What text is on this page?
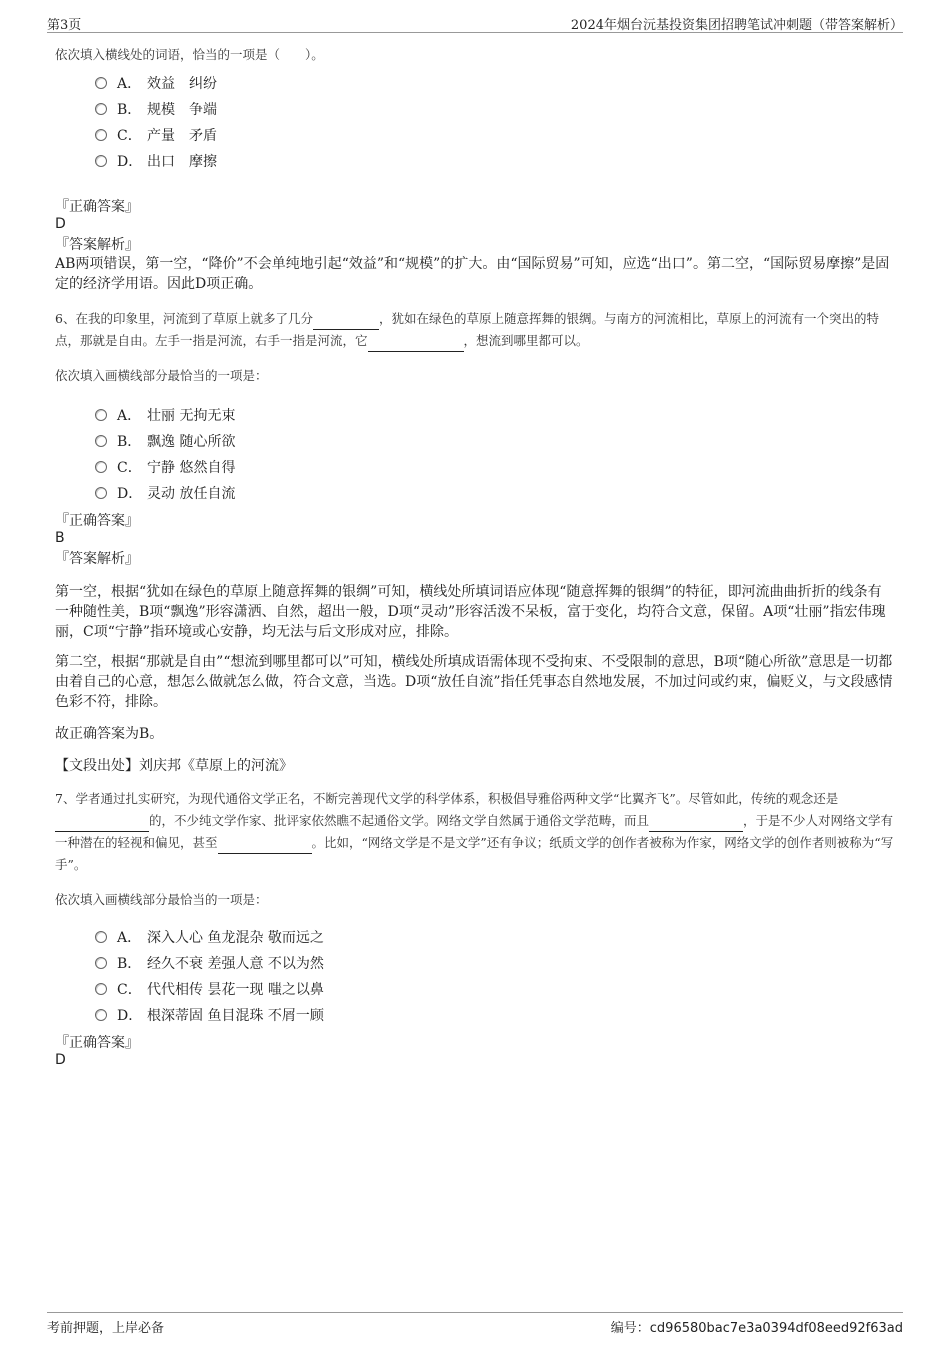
第3页	2024年烟台沅基投资集团招聘笔试冲刺题（带答案解析）
依次填入横线处的词语，恰当的一项是（　　）。
A． 效益　纠纷
B． 规模　争端
C． 产量　矛盾
D． 出口　摩擦
『正确答案』
D
『答案解析』
AB两项错误，第一空，“降价”不会单纯地引起“效益”和“规模”的扩大。由“国际贸易”可知，应选“出口”。第二空，“国际贸易摩擦”是固定的经济学用语。因此D项正确。
6、在我的印象里，河流到了草原上就多了几分	，犹如在绿色的草原上随意挥舞的银绸。与南方的河流相比，草原上的河流有一个突出的特点，那就是自由。左手一指是河流，右手一指是河流，它	，想流到哪里都可以。
依次填入画横线部分最恰当的一项是：
A． 壮丽 无拘无束
B． 飘逸 随心所欲
C． 宁静 悠然自得
D． 灵动 放任自流
『正确答案』
B
『答案解析』
第一空，根据“犹如在绿色的草原上随意挥舞的银绸”可知，横线处所填词语应体现“随意挥舞的银绸”的特征，即河流曲曲折折的线条有一种随性美，B项“飘逸”形容潇洒、自然，超出一般，D项“灵动”形容活泼不呆板，富于变化，均符合文意，保留。A项“壮丽”指宏伟瑰丽，C项“宁静”指环境或心安静，均无法与后文形成对应，排除。
第二空，根据“那就是自由”“想流到哪里都可以”可知，横线处所填成语需体现不受拘束、不受限制的意思，B项“随心所欲”意思是一切都由着自己的心意，想怎么做就怎么做，符合文意，当选。D项“放任自流”指任凭事态自然地发展，不加过问或约束，偏贬义，与文段感情色彩不符，排除。
故正确答案为B。
【文段出处】刘庆邦《草原上的河流》
7、学者通过扎实研究，为现代通俗文学正名，不断完善现代文学的科学体系，积极倡导雅俗两种文学“比翼齐飞”。尽管如此，传统的观念还是的，不少纯文学作家、批评家依然瞧不起通俗文学。网络文学自然属于通俗文学范畴，而且	，于是不少人对网络文学有一种潜在的轻视和偏见，甚至	。比如，“网络文学是不是文学”还有争议；纸质文学的创作者被称为作家，网络文学的创作者则被称为“写手”。
依次填入画横线部分最恰当的一项是：
A． 深入人心 鱼龙混杂 敬而远之
B． 经久不衰 差强人意 不以为然
C． 代代相传 昙花一现 嗤之以鼻
D． 根深蒂固 鱼目混珠 不屑一顾
『正确答案』
D
考前押题，上岸必备	编号：cd96580bac7e3a0394df08eed92f63ad
